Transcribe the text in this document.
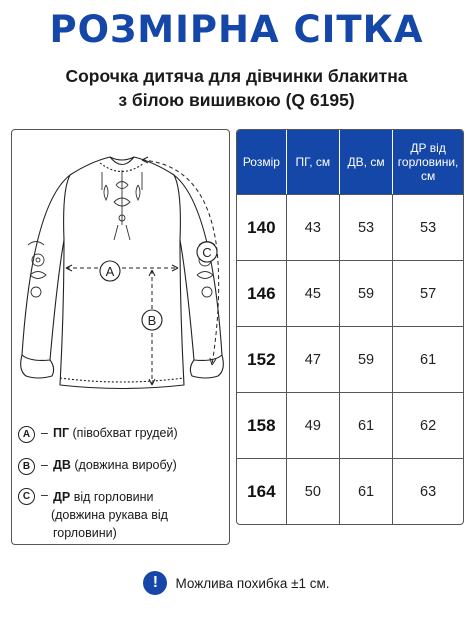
РОЗМІРНА СІТКА
Сорочка дитяча для дівчинки блакитна
з білою вишивкою (Q 6195)
A
B
C
A – ПГ (півобхват грудей)
B – ДВ (довжина виробу)
C – ДР від горловини
(довжина рукава від горловини)
Розмір	ПГ, см	ДВ, см	ДР від горловини, см
140	43	53	53
146	45	59	57
152	47	59	61
158	49	61	62
164	50	61	63
!	Можлива похибка ±1 см.
